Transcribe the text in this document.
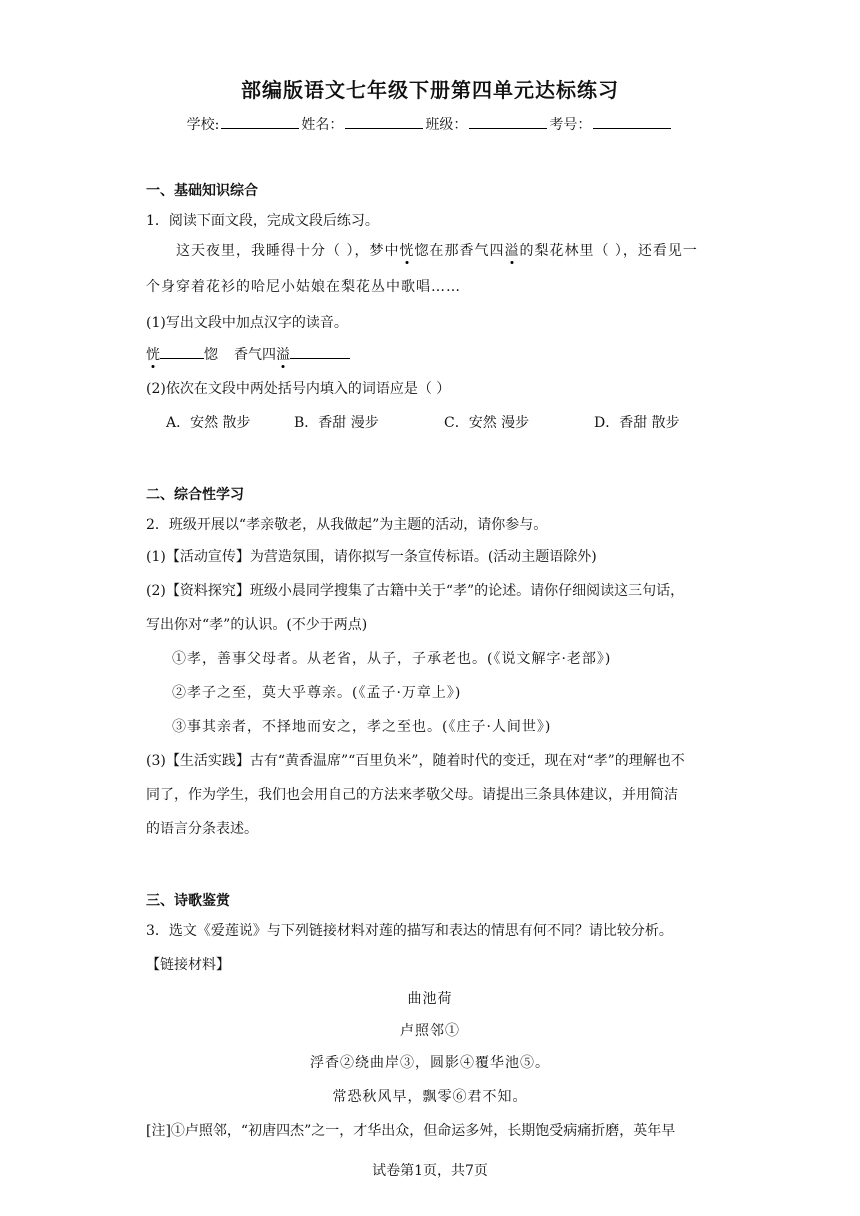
部编版语文七年级下册第四单元达标练习
学校:	姓名：	班级：	考号：
一、基础知识综合
1．阅读下面文段，完成文段后练习。
这天夜里，我睡得十分（ ），梦中恍惚在那香气四溢的梨花林里（ ），还看见一
个身穿着花衫的哈尼小姑娘在梨花丛中歌唱……
(1)写出文段中加点汉字的读音。
恍	惚 香气四溢
(2)依次在文段中两处括号内填入的词语应是（ ）
A．安然 散步	B．香甜 漫步	C．安然 漫步	D．香甜 散步
二、综合性学习
2．班级开展以“孝亲敬老，从我做起”为主题的活动，请你参与。
(1)【活动宣传】为营造氛围，请你拟写一条宣传标语。(活动主题语除外)
(2)【资料探究】班级小晨同学搜集了古籍中关于“孝”的论述。请你仔细阅读这三句话，
写出你对“孝”的认识。(不少于两点)
①孝，善事父母者。从老省，从子，子承老也。(《说文解字·老部》)
②孝子之至，莫大乎尊亲。(《孟子·万章上》)
③事其亲者，不择地而安之，孝之至也。(《庄子·人间世》)
(3)【生活实践】古有“黄香温席”“百里负米”，随着时代的变迁，现在对“孝”的理解也不
同了，作为学生，我们也会用自己的方法来孝敬父母。请提出三条具体建议，并用简洁
的语言分条表述。
三、诗歌鉴赏
3．选文《爱莲说》与下列链接材料对莲的描写和表达的情思有何不同？请比较分析。
【链接材料】
曲池荷
卢照邻①
浮香②绕曲岸③，圆影④覆华池⑤。
常恐秋风早，飘零⑥君不知。
[注]①卢照邻，“初唐四杰”之一，才华出众，但命运多舛，长期饱受病痛折磨，英年早
试卷第1页，共7页
